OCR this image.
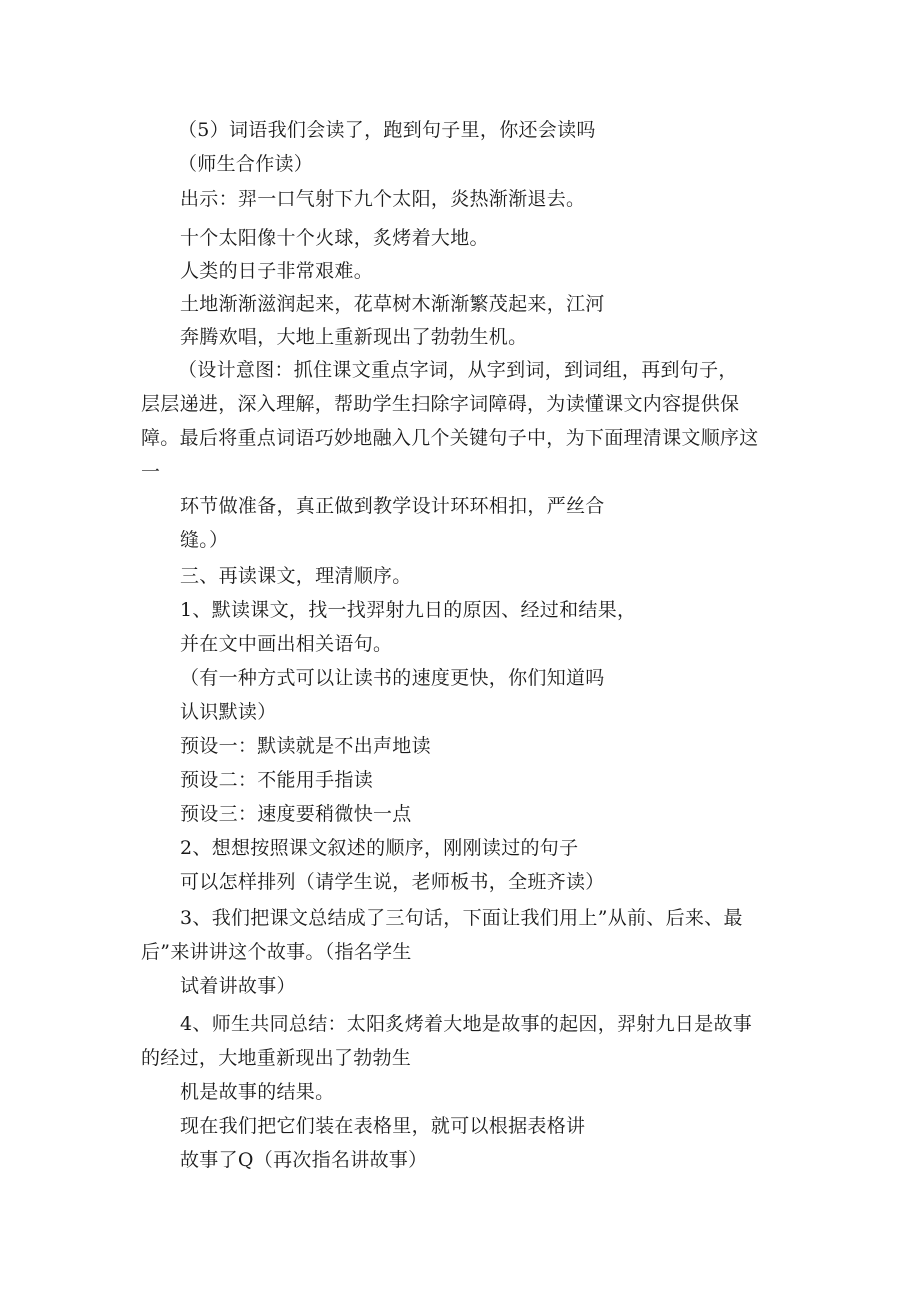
（5）词语我们会读了，跑到句子里，你还会读吗
（师生合作读）
出示：羿一口气射下九个太阳，炎热渐渐退去。
十个太阳像十个火球，炙烤着大地。
人类的日子非常艰难。
土地渐渐滋润起来，花草树木渐渐繁茂起来，江河
奔腾欢唱，大地上重新现出了勃勃生机。
（设计意图：抓住课文重点字词，从字到词，到词组，再到句子，
层层递进，深入理解，帮助学生扫除字词障碍，为读懂课文内容提供保
障。最后将重点词语巧妙地融入几个关键句子中，为下面理清课文顺序这
一
环节做准备，真正做到教学设计环环相扣，严丝合
缝。）
三、再读课文，理清顺序。
1、默读课文，找一找羿射九日的原因、经过和结果，
并在文中画出相关语句。
（有一种方式可以让读书的速度更快，你们知道吗
认识默读）
预设一：默读就是不出声地读
预设二：不能用手指读
预设三：速度要稍微快一点
2、想想按照课文叙述的顺序，刚刚读过的句子
可以怎样排列（请学生说，老师板书，全班齐读）
3、我们把课文总结成了三句话，下面让我们用上”从前、后来、最
后”来讲讲这个故事。（指名学生
试着讲故事）
4、师生共同总结：太阳炙烤着大地是故事的起因，羿射九日是故事
的经过，大地重新现出了勃勃生
机是故事的结果。
现在我们把它们装在表格里，就可以根据表格讲
故事了Q（再次指名讲故事）
